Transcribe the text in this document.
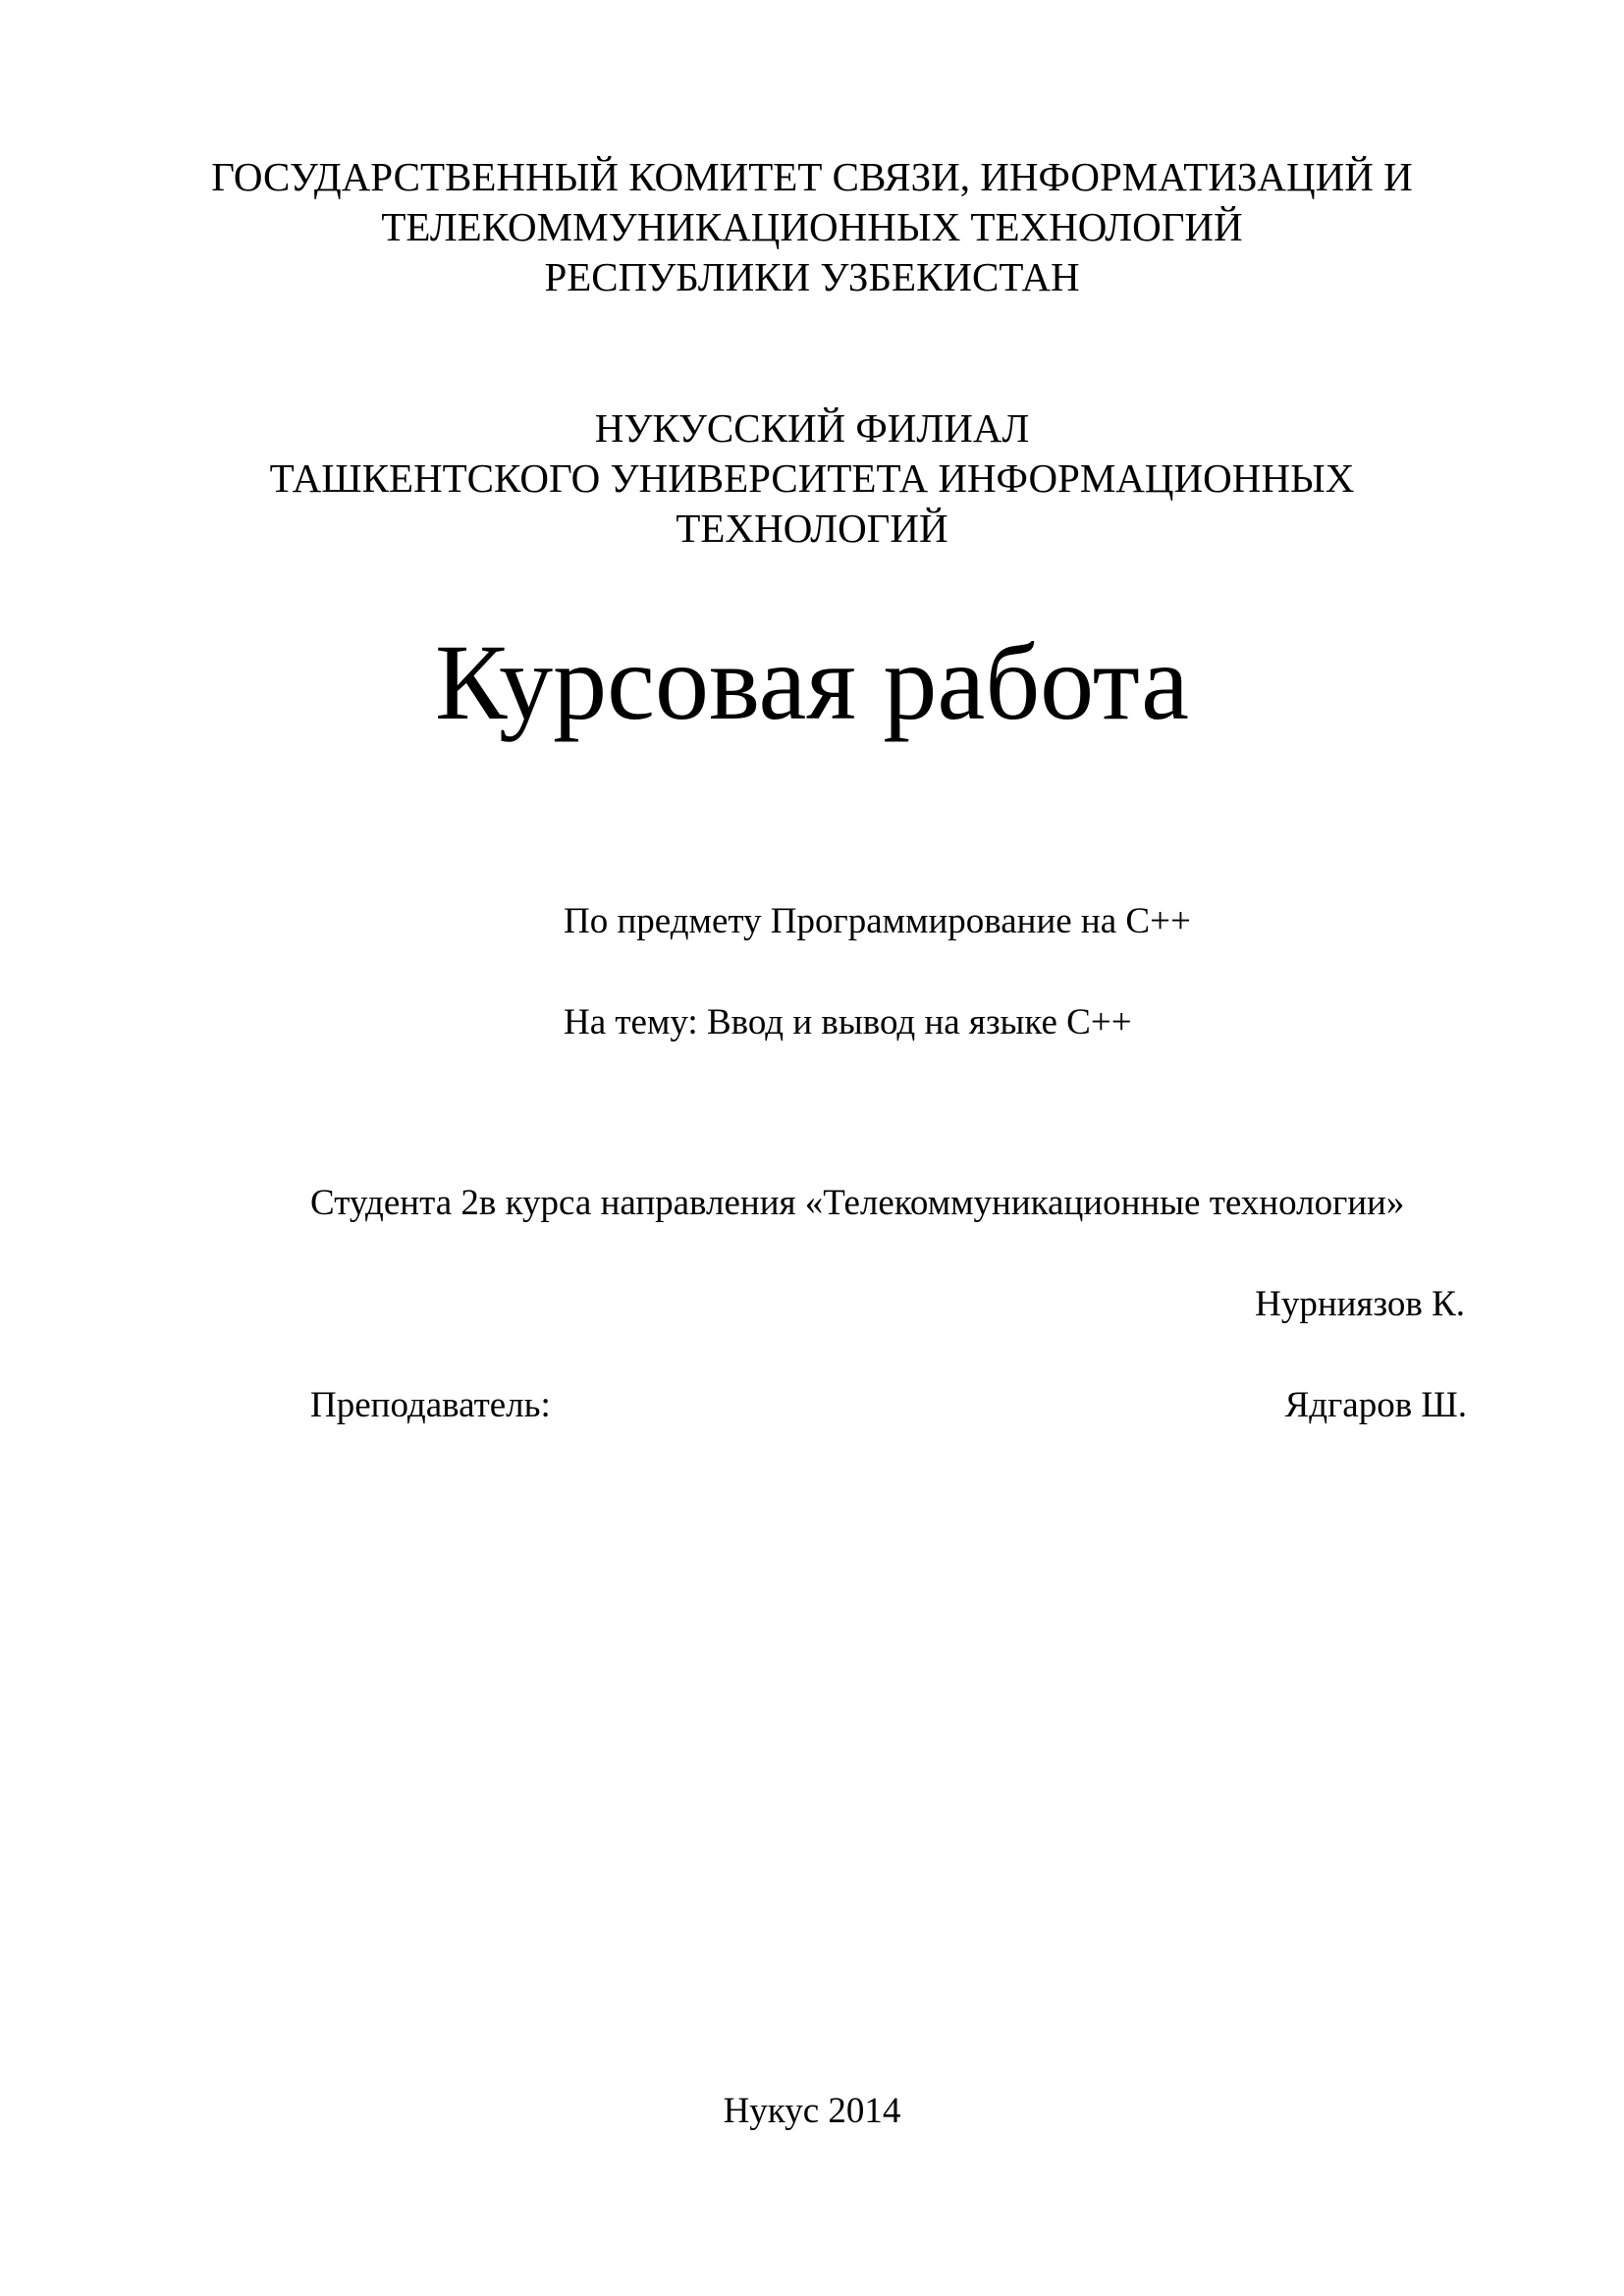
ГОСУДАРСТВЕННЫЙ КОМИТЕТ СВЯЗИ, ИНФОРМАТИЗАЦИЙ И
ТЕЛЕКОММУНИКАЦИОННЫХ ТЕХНОЛОГИЙ
РЕСПУБЛИКИ УЗБЕКИСТАН
НУКУССКИЙ ФИЛИАЛ
ТАШКЕНТСКОГО УНИВЕРСИТЕТА ИНФОРМАЦИОННЫХ
ТЕХНОЛОГИЙ
Курсовая работа
По предмету Программирование на C++
На тему: Ввод и вывод на языке C++
Студента 2в курса направления «Телекоммуникационные технологии»
Нурниязов К.
Преподаватель:	Ядгаров Ш.
Нукус 2014
